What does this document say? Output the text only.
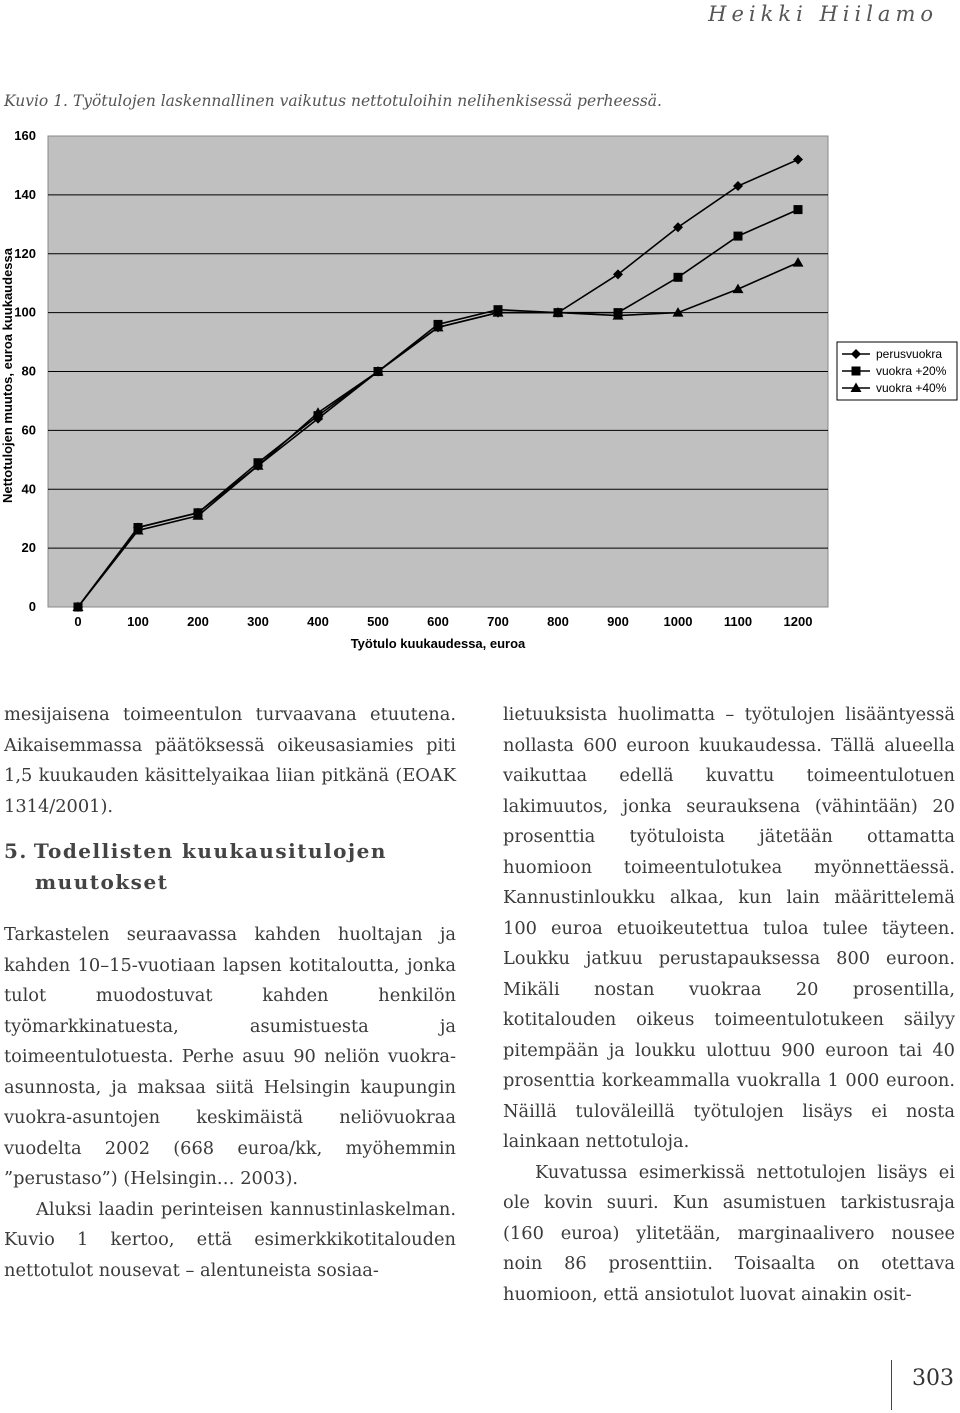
Heikki Hiilamo
Kuvio 1. Työtulojen laskennallinen vaikutus nettotuloihin nelihenkisessä perheessä.
0
20
40
60
80
100
120
140
160
0	100	200	300	400	500	600	700	800	900	1000 1100 1200
Nettotulojen muutos, euroa kuukaudessa
Työtulo kuukaudessa, euroa
perusvuokra
vuokra +20%
vuokra +40%

mesijaisena toimeentulon turvaavana etuutena. Aikaisemmassa päätöksessä oikeusasiamies piti 1,5 kuukauden käsittelyaikaa liian pitkänä (EOAK 1314/2001).

5. Todellisten kuukausitulojen
muutokset

Tarkastelen seuraavassa kahden huoltajan ja kahden 10–15-vuotiaan lapsen kotitaloutta, jonka tulot muodostuvat kahden henkilön työmarkkinatuesta, asumistuesta ja toimeentulotuesta. Perhe asuu 90 neliön vuokra-asunnosta, ja maksaa siitä Helsingin kaupungin vuokra-asuntojen keskimäistä neliövuokraa vuodelta 2002 (668 euroa/kk, myöhemmin ”perustaso”) (Helsingin… 2003).

Aluksi laadin perinteisen kannustinlaskelman. Kuvio 1 kertoo, että esimerkkikotitalouden nettotulot nousevat – alentuneista sosiaa-

lietuuksista huolimatta – työtulojen lisääntyessä nollasta 600 euroon kuukaudessa. Tällä alueella vaikuttaa edellä kuvattu toimeentulotuen lakimuutos, jonka seurauksena (vähintään) 20 prosenttia työtuloista jätetään ottamatta huomioon toimeentulotukea myönnettäessä. Kannustinloukku alkaa, kun lain määrittelemä 100 euroa etuoikeutettua tuloa tulee täyteen. Loukku jatkuu perustapauksessa 800 euroon. Mikäli nostan vuokraa 20 prosentilla, kotitalouden oikeus toimeentulotukeen säilyy pitempään ja loukku ulottuu 900 euroon tai 40 prosenttia korkeammalla vuokralla 1 000 euroon. Näillä tuloväleillä työtulojen lisäys ei nosta lainkaan nettotuloja.

Kuvatussa esimerkissä nettotulojen lisäys ei ole kovin suuri. Kun asumistuen tarkistusraja (160 euroa) ylitetään, marginaalivero nousee noin 86 prosenttiin. Toisaalta on otettava huomioon, että ansiotulot luovat ainakin osit-

303
